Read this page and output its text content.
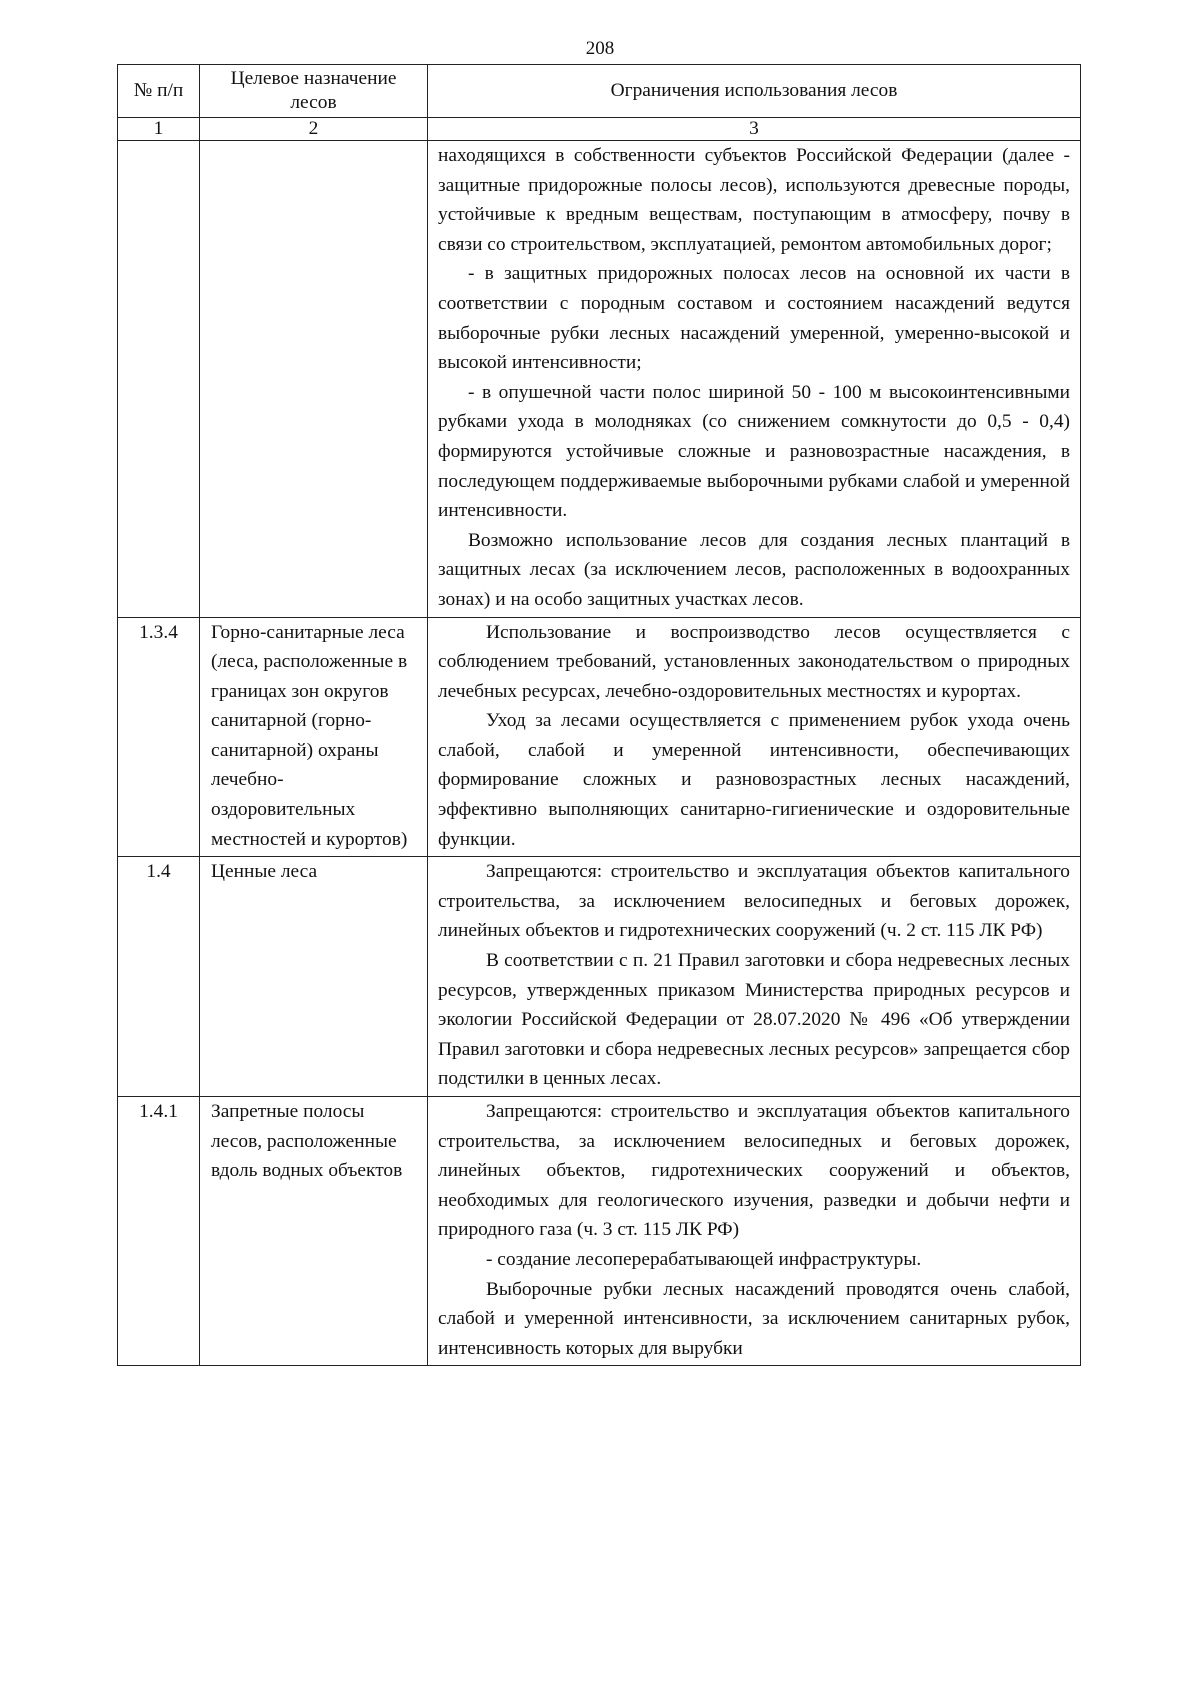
208
№ п/п	Целевое назначение лесов	Ограничения использования лесов
1	2	3

		находящихся в собственности субъектов Российской Федерации (далее - защитные придорожные полосы лесов), используются древесные породы, устойчивые к вредным веществам, поступающим в атмосферу, почву в связи со строительством, эксплуатацией, ремонтом автомобильных дорог;

- в защитных придорожных полосах лесов на основной их части в соответствии с породным составом и состоянием насаждений ведутся выборочные рубки лесных насаждений умеренной, умеренно-высокой и высокой интенсивности;

- в опушечной части полос шириной 50 - 100 м высокоинтенсивными рубками ухода в молодняках (со снижением сомкнутости до 0,5 - 0,4) формируются устойчивые сложные и разновозрастные насаждения, в последующем поддерживаемые выборочными рубками слабой и умеренной интенсивности.

Возможно использование лесов для создания лесных плантаций в защитных лесах (за исключением лесов, расположенных в водоохранных зонах) и на особо защитных участках лесов.

1.3.4	Горно-санитарные леса (леса, расположенные в границах зон округов санитарной (горно-санитарной) охраны лечебно-оздоровительных местностей и курортов)	Использование и воспроизводство лесов осуществляется с соблюдением требований, установленных законодательством о природных лечебных ресурсах, лечебно-оздоровительных местностях и курортах.

Уход за лесами осуществляется с применением рубок ухода очень слабой, слабой и умеренной интенсивности, обеспечивающих формирование сложных и разновозрастных лесных насаждений, эффективно выполняющих санитарно-гигиенические и оздоровительные функции.

1.4	Ценные леса	Запрещаются: строительство и эксплуатация объектов капитального строительства, за исключением велосипедных и беговых дорожек, линейных объектов и гидротехнических сооружений (ч. 2 ст. 115 ЛК РФ)

В соответствии с п. 21 Правил заготовки и сбора недревесных лесных ресурсов, утвержденных приказом Министерства природных ресурсов и экологии Российской Федерации от 28.07.2020 № 496 «Об утверждении Правил заготовки и сбора недревесных лесных ресурсов» запрещается сбор подстилки в ценных лесах.

1.4.1	Запретные полосы лесов, расположенные вдоль водных объектов	Запрещаются: строительство и эксплуатация объектов капитального строительства, за исключением велосипедных и беговых дорожек, линейных объектов, гидротехнических сооружений и объектов, необходимых для геологического изучения, разведки и добычи нефти и природного газа (ч. 3 ст. 115 ЛК РФ)

- создание лесоперерабатывающей инфраструктуры.

Выборочные рубки лесных насаждений проводятся очень слабой, слабой и умеренной интенсивности, за исключением санитарных рубок, интенсивность которых для вырубки
